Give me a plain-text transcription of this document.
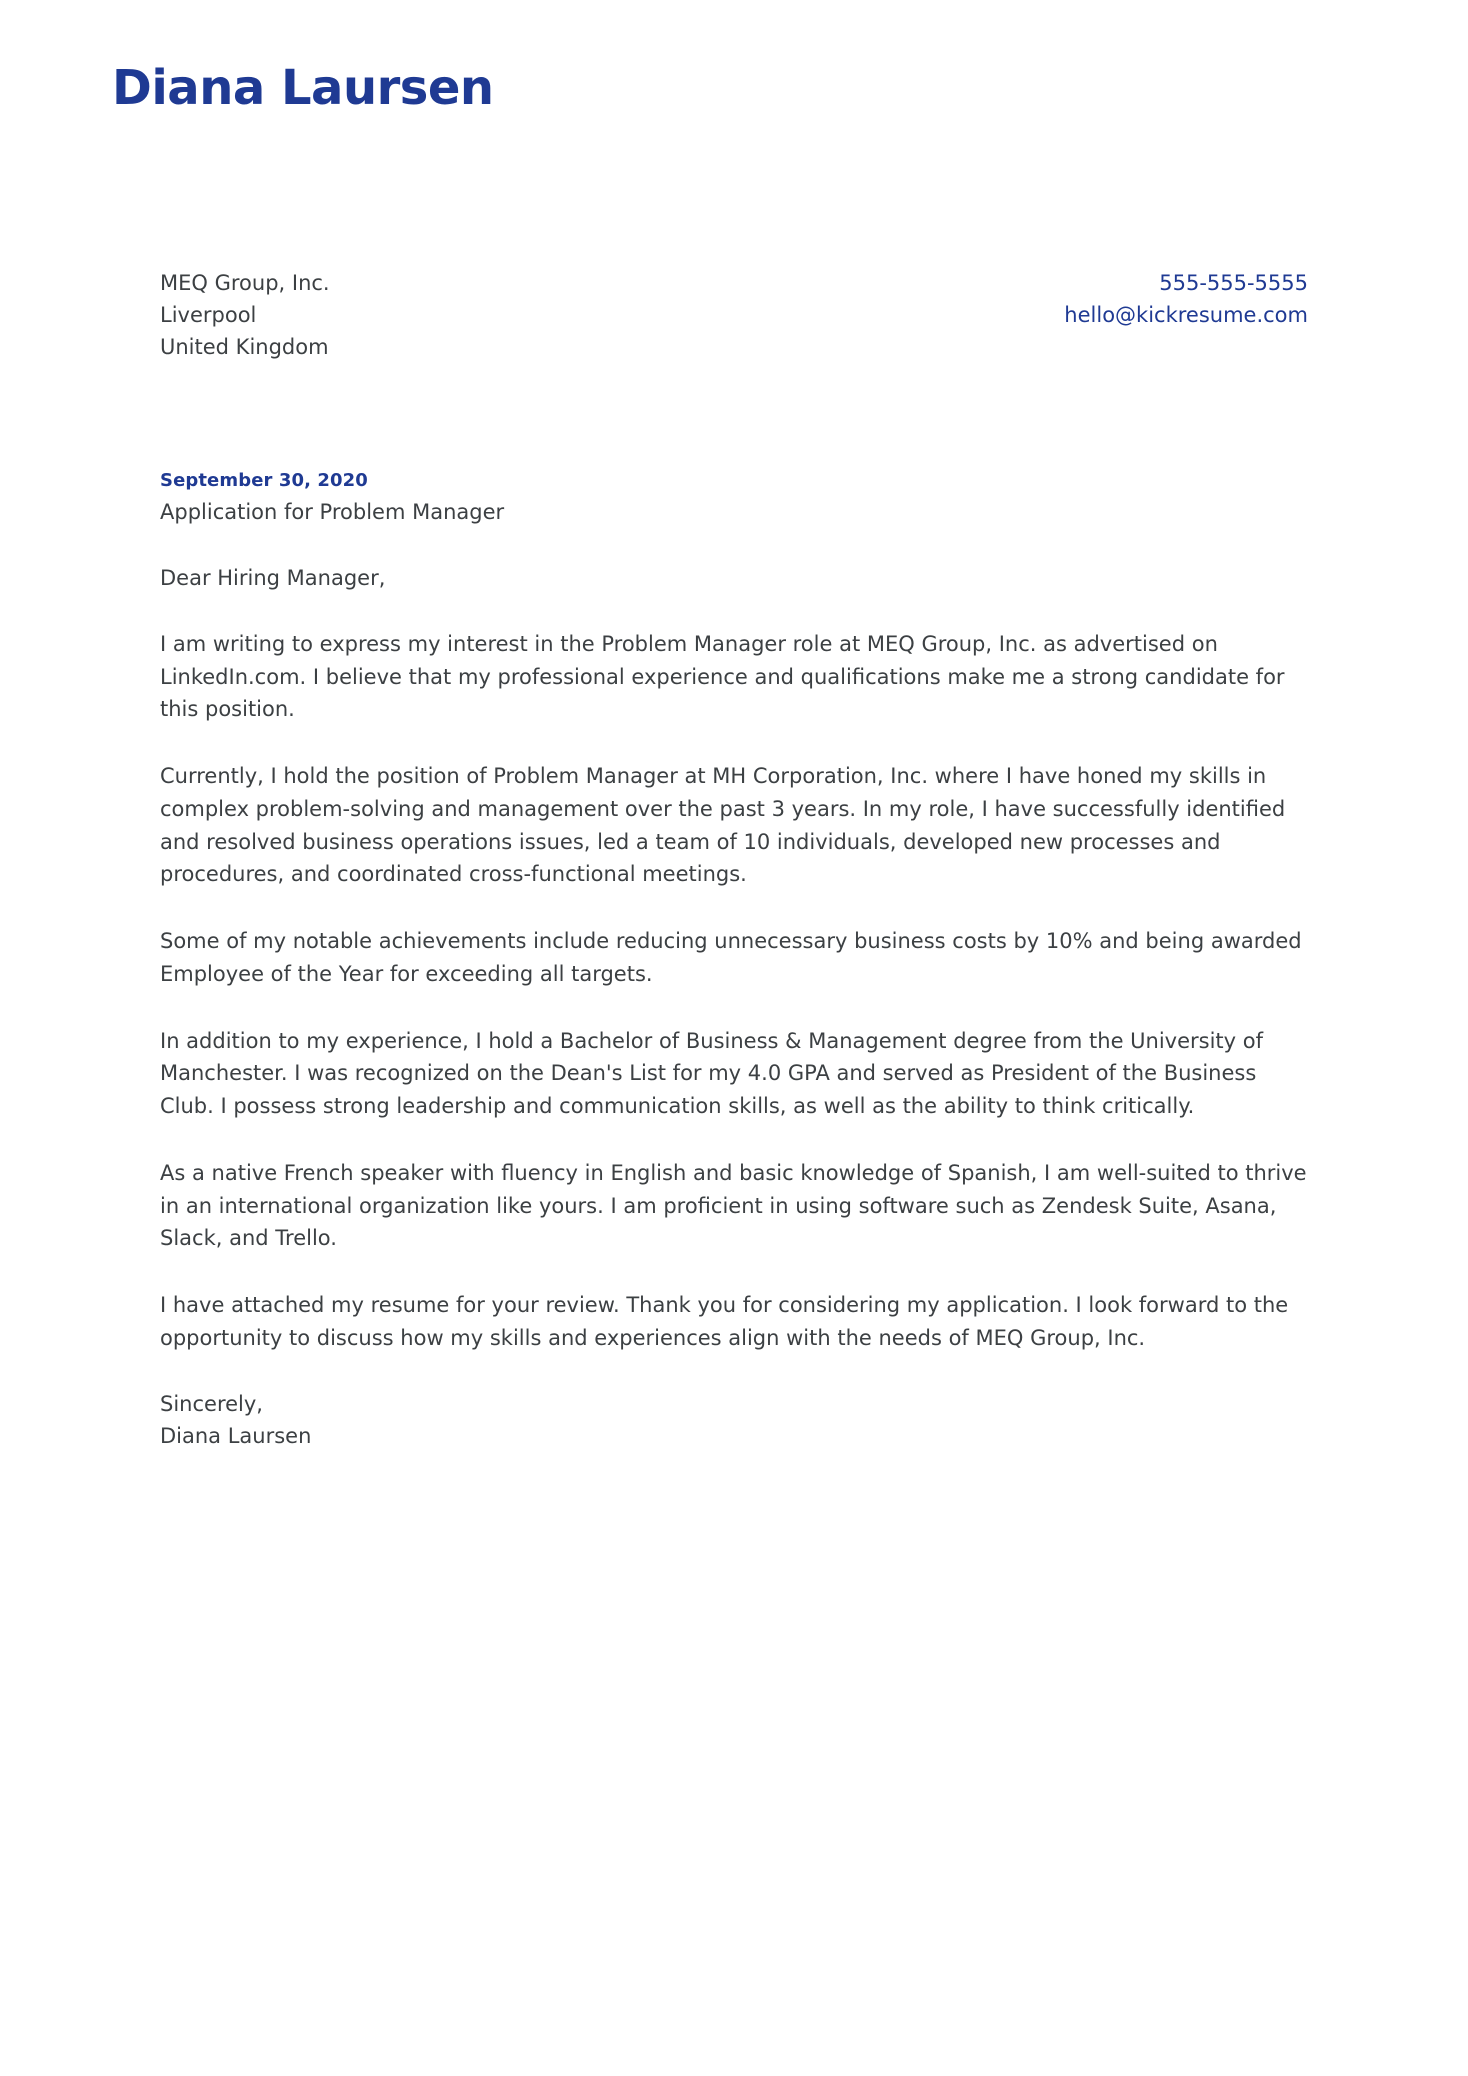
Diana Laursen
MEQ Group, Inc.
Liverpool
United Kingdom
555-555-5555
hello@kickresume.com
September 30, 2020
Application for Problem Manager
Dear Hiring Manager,

I am writing to express my interest in the Problem Manager role at MEQ Group, Inc. as advertised on LinkedIn.com. I believe that my professional experience and qualifications make me a strong candidate for this position.

Currently, I hold the position of Problem Manager at MH Corporation, Inc. where I have honed my skills in complex problem-solving and management over the past 3 years. In my role, I have successfully identified and resolved business operations issues, led a team of 10 individuals, developed new processes and procedures, and coordinated cross-functional meetings.

Some of my notable achievements include reducing unnecessary business costs by 10% and being awarded Employee of the Year for exceeding all targets.

In addition to my experience, I hold a Bachelor of Business & Management degree from the University of Manchester. I was recognized on the Dean's List for my 4.0 GPA and served as President of the Business Club. I possess strong leadership and communication skills, as well as the ability to think critically.

As a native French speaker with fluency in English and basic knowledge of Spanish, I am well-suited to thrive in an international organization like yours. I am proficient in using software such as Zendesk Suite, Asana, Slack, and Trello.

I have attached my resume for your review. Thank you for considering my application. I look forward to the opportunity to discuss how my skills and experiences align with the needs of MEQ Group, Inc.

Sincerely,
Diana Laursen
